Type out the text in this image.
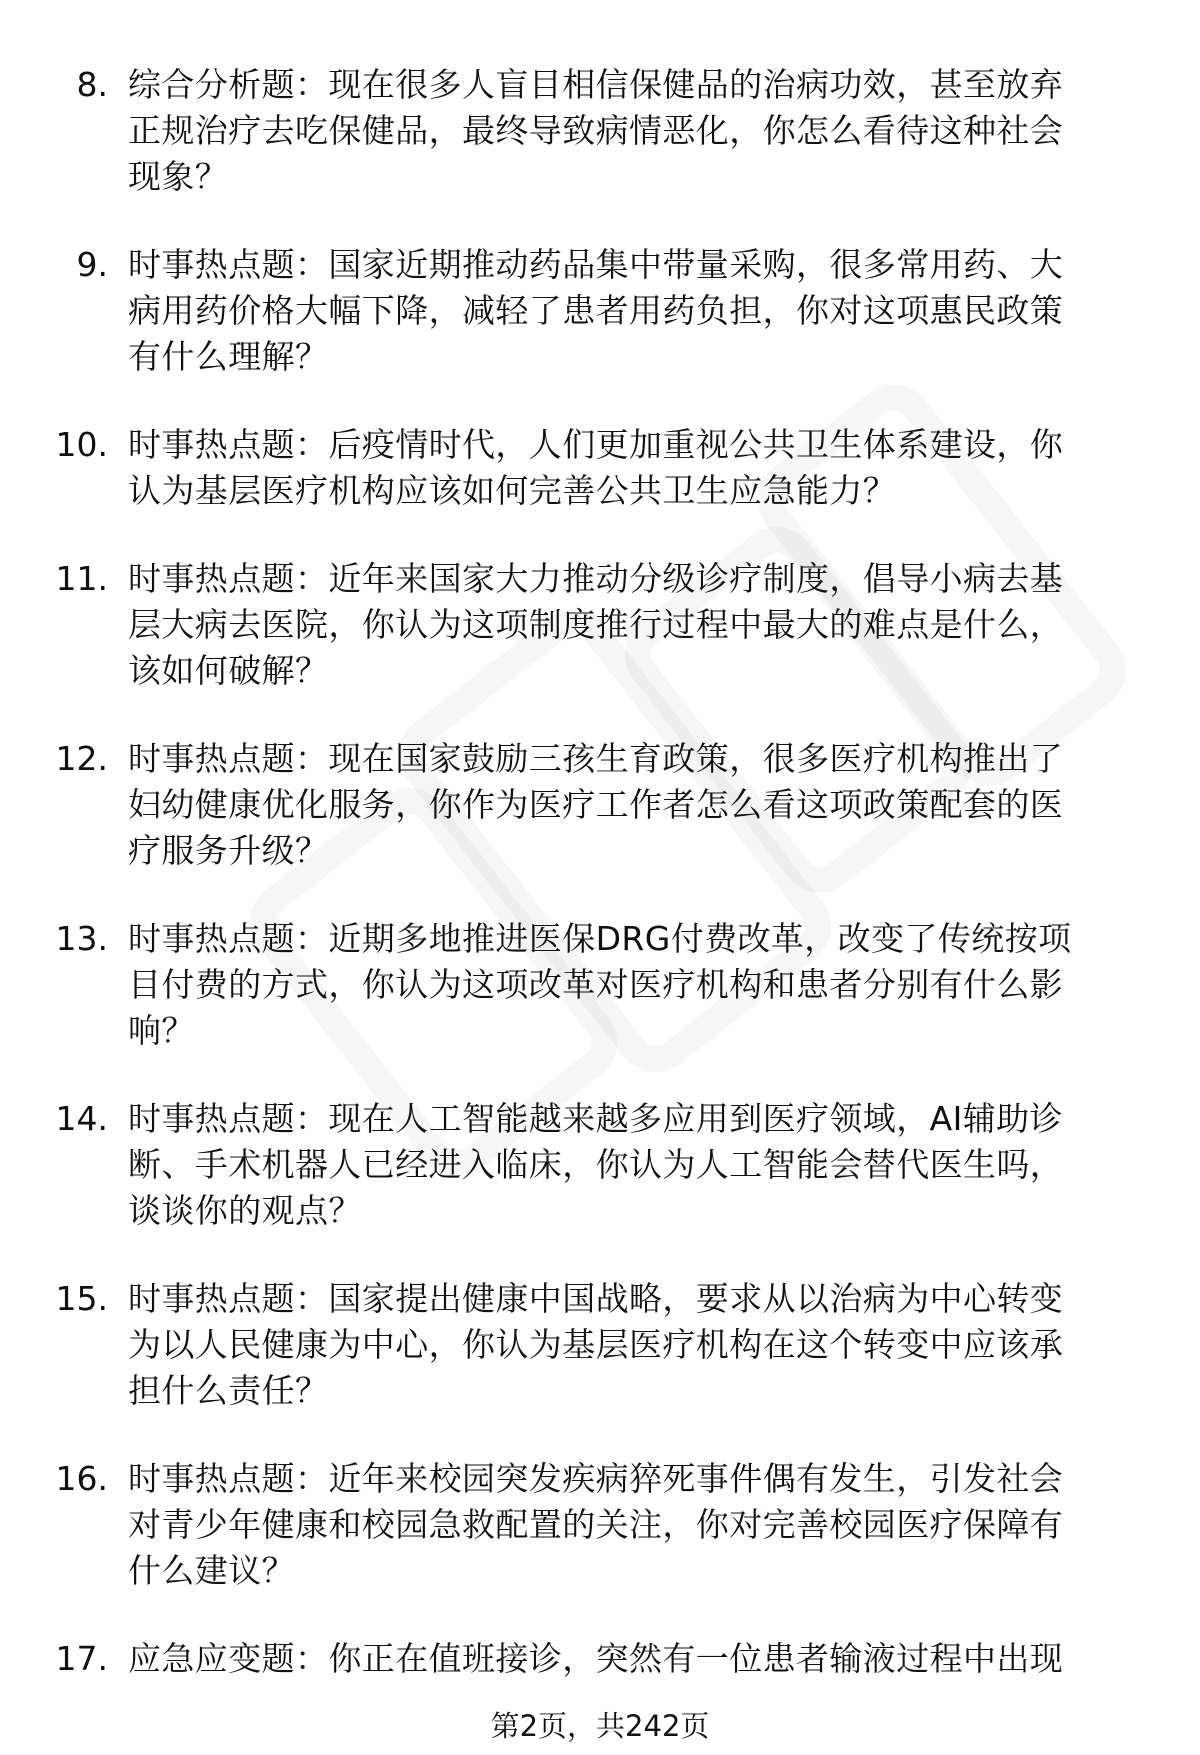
8. 综合分析题：现在很多人盲目相信保健品的治病功效，甚至放弃
正规治疗去吃保健品，最终导致病情恶化，你怎么看待这种社会
现象？
9. 时事热点题：国家近期推动药品集中带量采购，很多常用药、大
病用药价格大幅下降，减轻了患者用药负担，你对这项惠民政策
有什么理解？
10. 时事热点题：后疫情时代，人们更加重视公共卫生体系建设，你
认为基层医疗机构应该如何完善公共卫生应急能力？
11. 时事热点题：近年来国家大力推动分级诊疗制度，倡导小病去基
层大病去医院，你认为这项制度推行过程中最大的难点是什么，
该如何破解？
12. 时事热点题：现在国家鼓励三孩生育政策，很多医疗机构推出了
妇幼健康优化服务，你作为医疗工作者怎么看这项政策配套的医
疗服务升级？
13. 时事热点题：近期多地推进医保DRG付费改革，改变了传统按项
目付费的方式，你认为这项改革对医疗机构和患者分别有什么影
响？
14. 时事热点题：现在人工智能越来越多应用到医疗领域，AI辅助诊
断、手术机器人已经进入临床，你认为人工智能会替代医生吗，
谈谈你的观点？
15. 时事热点题：国家提出健康中国战略，要求从以治病为中心转变
为以人民健康为中心，你认为基层医疗机构在这个转变中应该承
担什么责任？
16. 时事热点题：近年来校园突发疾病猝死事件偶有发生，引发社会
对青少年健康和校园急救配置的关注，你对完善校园医疗保障有
什么建议？
17. 应急应变题：你正在值班接诊，突然有一位患者输液过程中出现
第2页，共242页
